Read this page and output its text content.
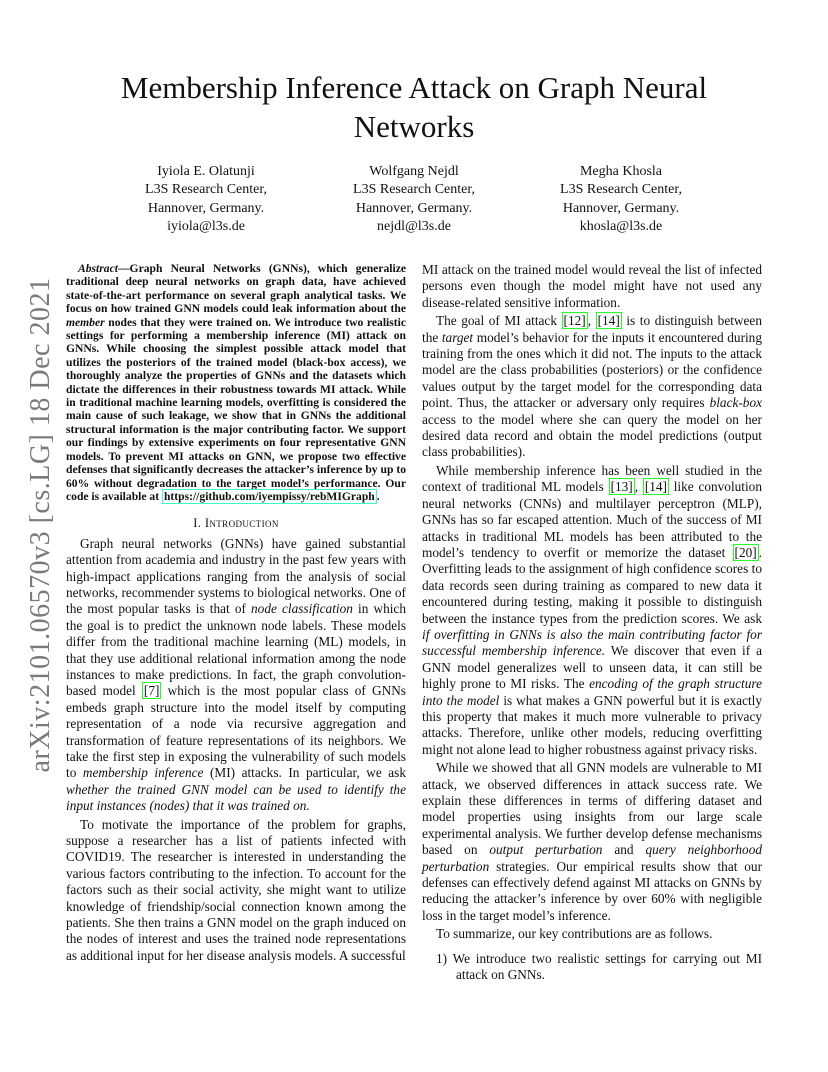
Membership Inference Attack on Graph Neural Networks
Iyiola E. Olatunji
L3S Research Center,
Hannover, Germany.
iyiola@l3s.de
Wolfgang Nejdl
L3S Research Center,
Hannover, Germany.
nejdl@l3s.de
Megha Khosla
L3S Research Center,
Hannover, Germany.
khosla@l3s.de
arXiv:2101.06570v3 [cs.LG] 18 Dec 2021
Abstract—Graph Neural Networks (GNNs), which generalize traditional deep neural networks on graph data, have achieved state-of-the-art performance on several graph analytical tasks. We focus on how trained GNN models could leak information about the member nodes that they were trained on. We introduce two realistic settings for performing a membership inference (MI) attack on GNNs. While choosing the simplest possible attack model that utilizes the posteriors of the trained model (black-box access), we thoroughly analyze the properties of GNNs and the datasets which dictate the differences in their robustness towards MI attack. While in traditional machine learning models, overfitting is considered the main cause of such leakage, we show that in GNNs the additional structural information is the major contributing factor. We support our findings by extensive experiments on four representative GNN models. To prevent MI attacks on GNN, we propose two effective defenses that significantly decreases the attacker’s inference by up to 60% without degradation to the target model’s performance. Our code is available at https://github.com/iyempissy/rebMIGraph .
I. Introduction

Graph neural networks (GNNs) have gained substantial attention from academia and industry in the past few years with high-impact applications ranging from the analysis of social networks, recommender systems to biological networks. One of the most popular tasks is that of node classification in which the goal is to predict the unknown node labels. These models differ from the traditional machine learning (ML) models, in that they use additional relational information among the node instances to make predictions. In fact, the graph convolution-based model [7] which is the most popular class of GNNs embeds graph structure into the model itself by computing representation of a node via recursive aggregation and transformation of feature representations of its neighbors. We take the first step in exposing the vulnerability of such models to membership inference (MI) attacks. In particular, we ask whether the trained GNN model can be used to identify the input instances (nodes) that it was trained on.

To motivate the importance of the problem for graphs, suppose a researcher has a list of patients infected with COVID19. The researcher is interested in understanding the various factors contributing to the infection. To account for the factors such as their social activity, she might want to utilize knowledge of friendship/social connection known among the patients. She then trains a GNN model on the graph induced on the nodes of interest and uses the trained node representations as additional input for her disease analysis models. A successful

MI attack on the trained model would reveal the list of infected persons even though the model might have not used any disease-related sensitive information.

The goal of MI attack [12] , [14] is to distinguish between the target model’s behavior for the inputs it encountered during training from the ones which it did not. The inputs to the attack model are the class probabilities (posteriors) or the confidence values output by the target model for the corresponding data point. Thus, the attacker or adversary only requires black-box access to the model where she can query the model on her desired data record and obtain the model predictions (output class probabilities).

While membership inference has been well studied in the context of traditional ML models [13] , [14] like convolution neural networks (CNNs) and multilayer perceptron (MLP), GNNs has so far escaped attention. Much of the success of MI attacks in traditional ML models has been attributed to the model’s tendency to overfit or memorize the dataset [20] . Overfitting leads to the assignment of high confidence scores to data records seen during training as compared to new data it encountered during testing, making it possible to distinguish between the instance types from the prediction scores. We ask if overfitting in GNNs is also the main contributing factor for successful membership inference. We discover that even if a GNN model generalizes well to unseen data, it can still be highly prone to MI risks. The encoding of the graph structure into the model is what makes a GNN powerful but it is exactly this property that makes it much more vulnerable to privacy attacks. Therefore, unlike other models, reducing overfitting might not alone lead to higher robustness against privacy risks.

While we showed that all GNN models are vulnerable to MI attack, we observed differences in attack success rate. We explain these differences in terms of differing dataset and model properties using insights from our large scale experimental analysis. We further develop defense mechanisms based on output perturbation and query neighborhood perturbation strategies. Our empirical results show that our defenses can effectively defend against MI attacks on GNNs by reducing the attacker’s inference by over 60% with negligible loss in the target model’s inference.

To summarize, our key contributions are as follows.

1) We introduce two realistic settings for carrying out MI attack on GNNs.
